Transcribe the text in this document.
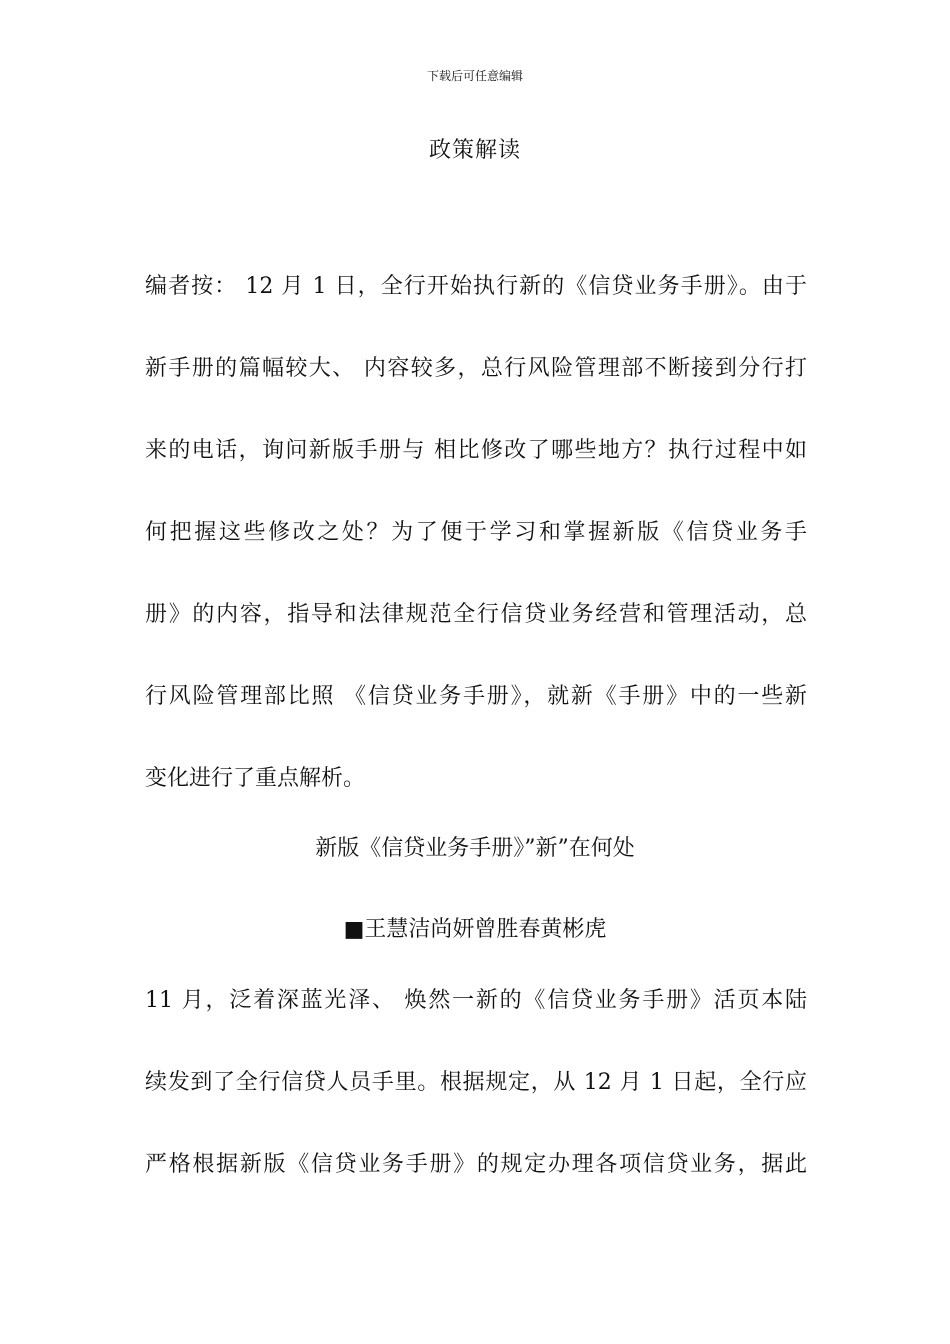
下载后可任意编辑
政策解读
编者按： 12 月 1 日，全行开始执行新的《信贷业务手册》。由于
新手册的篇幅较大、 内容较多，总行风险管理部不断接到分行打
来的电话，询问新版手册与 相比修改了哪些地方？执行过程中如
何把握这些修改之处？为了便于学习和掌握新版《信贷业务手
册》的内容，指导和法律规范全行信贷业务经营和管理活动，总
行风险管理部比照 《信贷业务手册》，就新《手册》中的一些新
变化进行了重点解析。
新版《信贷业务手册》”新”在何处
■王慧洁尚妍曾胜春黄彬虎
11 月，泛着深蓝光泽、 焕然一新的《信贷业务手册》活页本陆
续发到了全行信贷人员手里。根据规定，从 12 月 1 日起，全行应
严格根据新版《信贷业务手册》的规定办理各项信贷业务，据此
